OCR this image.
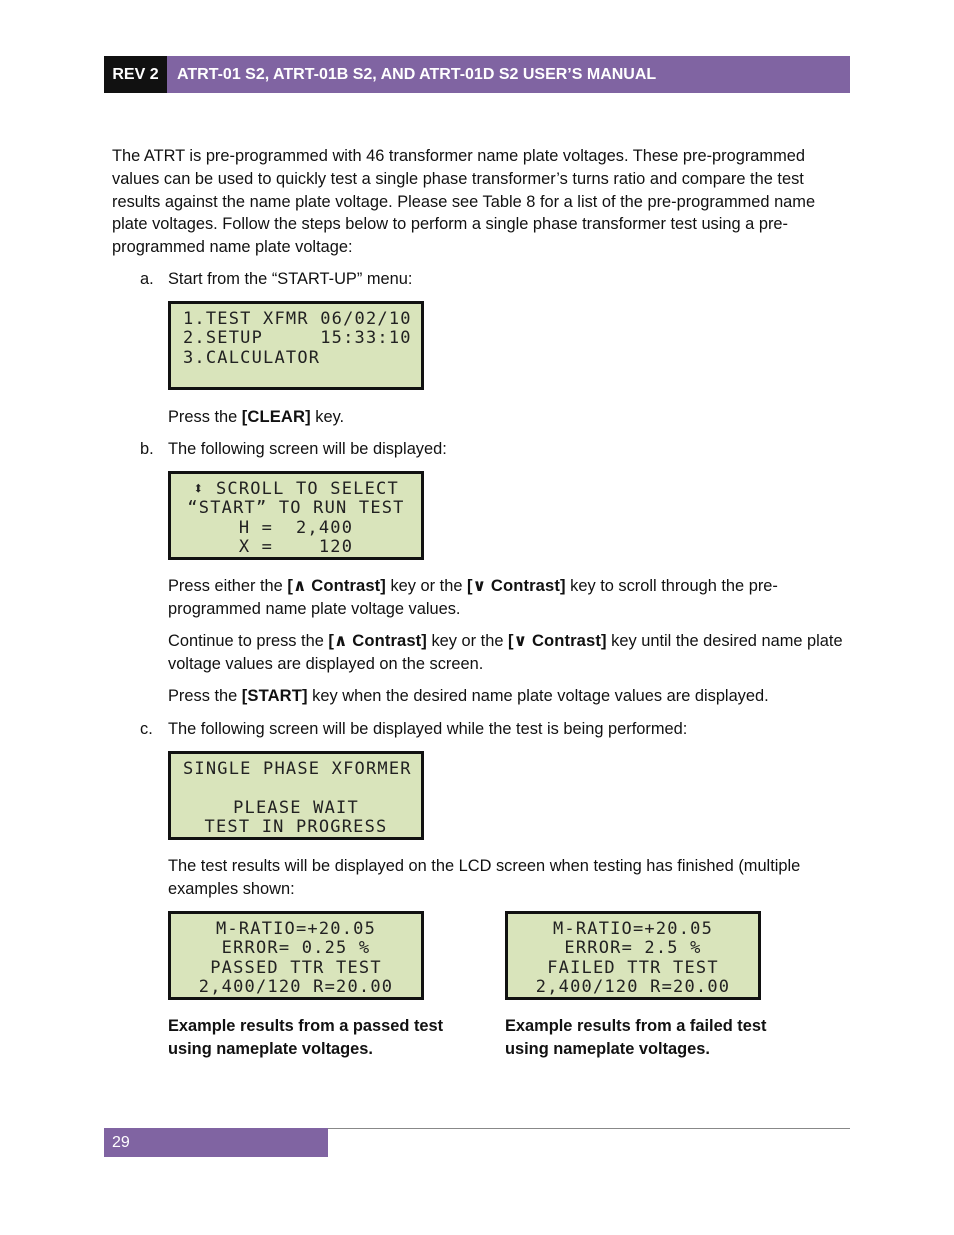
REV 2	ATRT-01 S2, ATRT-01B S2, AND ATRT-01D S2 USER’S MANUAL

The ATRT is pre-programmed with 46 transformer name plate voltages. These pre-programmed values can be used to quickly test a single phase transformer’s turns ratio and compare the test results against the name plate voltage. Please see Table 8 for a list of the pre-programmed name plate voltages. Follow the steps below to perform a single phase transformer test using a pre-programmed name plate voltage:

a. Start from the “START-UP” menu:

1.TEST XFMR 06/02/10
2.SETUP     15:33:10
3.CALCULATOR

Press the [CLEAR] key.

b. The following screen will be displayed:

⬍ SCROLL TO SELECT
“START” TO RUN TEST
H =  2,400
X =    120

Press either the [∧ Contrast] key or the [∨ Contrast] key to scroll through the pre-programmed name plate voltage values.

Continue to press the [∧ Contrast] key or the [∨ Contrast] key until the desired name plate voltage values are displayed on the screen.

Press the [START] key when the desired name plate voltage values are displayed.

c. The following screen will be displayed while the test is being performed:

SINGLE PHASE XFORMER
PLEASE WAIT
TEST IN PROGRESS

The test results will be displayed on the LCD screen when testing has finished (multiple examples shown:

M-RATIO=+20.05
ERROR= 0.25 %
PASSED TTR TEST
2,400/120 R=20.00
M-RATIO=+20.05
ERROR= 2.5 %
FAILED TTR TEST
2,400/120 R=20.00

Example results from a passed test using nameplate voltages.

Example results from a failed test using nameplate voltages.

29
